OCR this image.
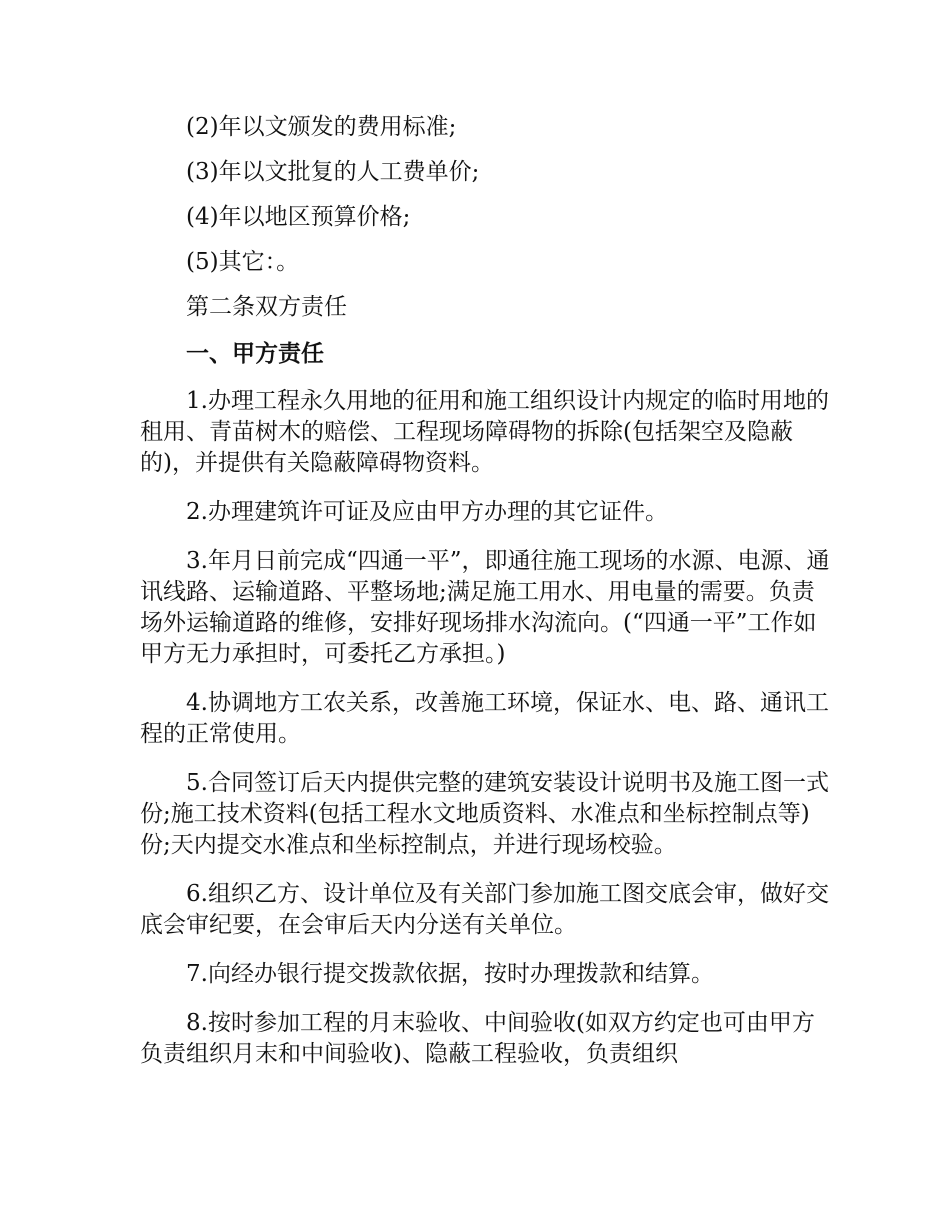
(2)年以文颁发的费用标准;

(3)年以文批复的人工费单价;

(4)年以地区预算价格;

(5)其它：。

第二条双方责任

一、甲方责任

1.办理工程永久用地的征用和施工组织设计内规定的临时用地的租用、青苗树木的赔偿、工程现场障碍物的拆除(包括架空及隐蔽的)，并提供有关隐蔽障碍物资料。

2.办理建筑许可证及应由甲方办理的其它证件。

3.年月日前完成“四通一平”，即通往施工现场的水源、电源、通讯线路、运输道路、平整场地;满足施工用水、用电量的需要。负责场外运输道路的维修，安排好现场排水沟流向。(“四通一平”工作如甲方无力承担时，可委托乙方承担。)

4.协调地方工农关系，改善施工环境，保证水、电、路、通讯工程的正常使用。

5.合同签订后天内提供完整的建筑安装设计说明书及施工图一式份;施工技术资料(包括工程水文地质资料、水准点和坐标控制点等)份;天内提交水准点和坐标控制点，并进行现场校验。

6.组织乙方、设计单位及有关部门参加施工图交底会审，做好交底会审纪要，在会审后天内分送有关单位。

7.向经办银行提交拨款依据，按时办理拨款和结算。

8.按时参加工程的月末验收、中间验收(如双方约定也可由甲方负责组织月末和中间验收)、隐蔽工程验收，负责组织
